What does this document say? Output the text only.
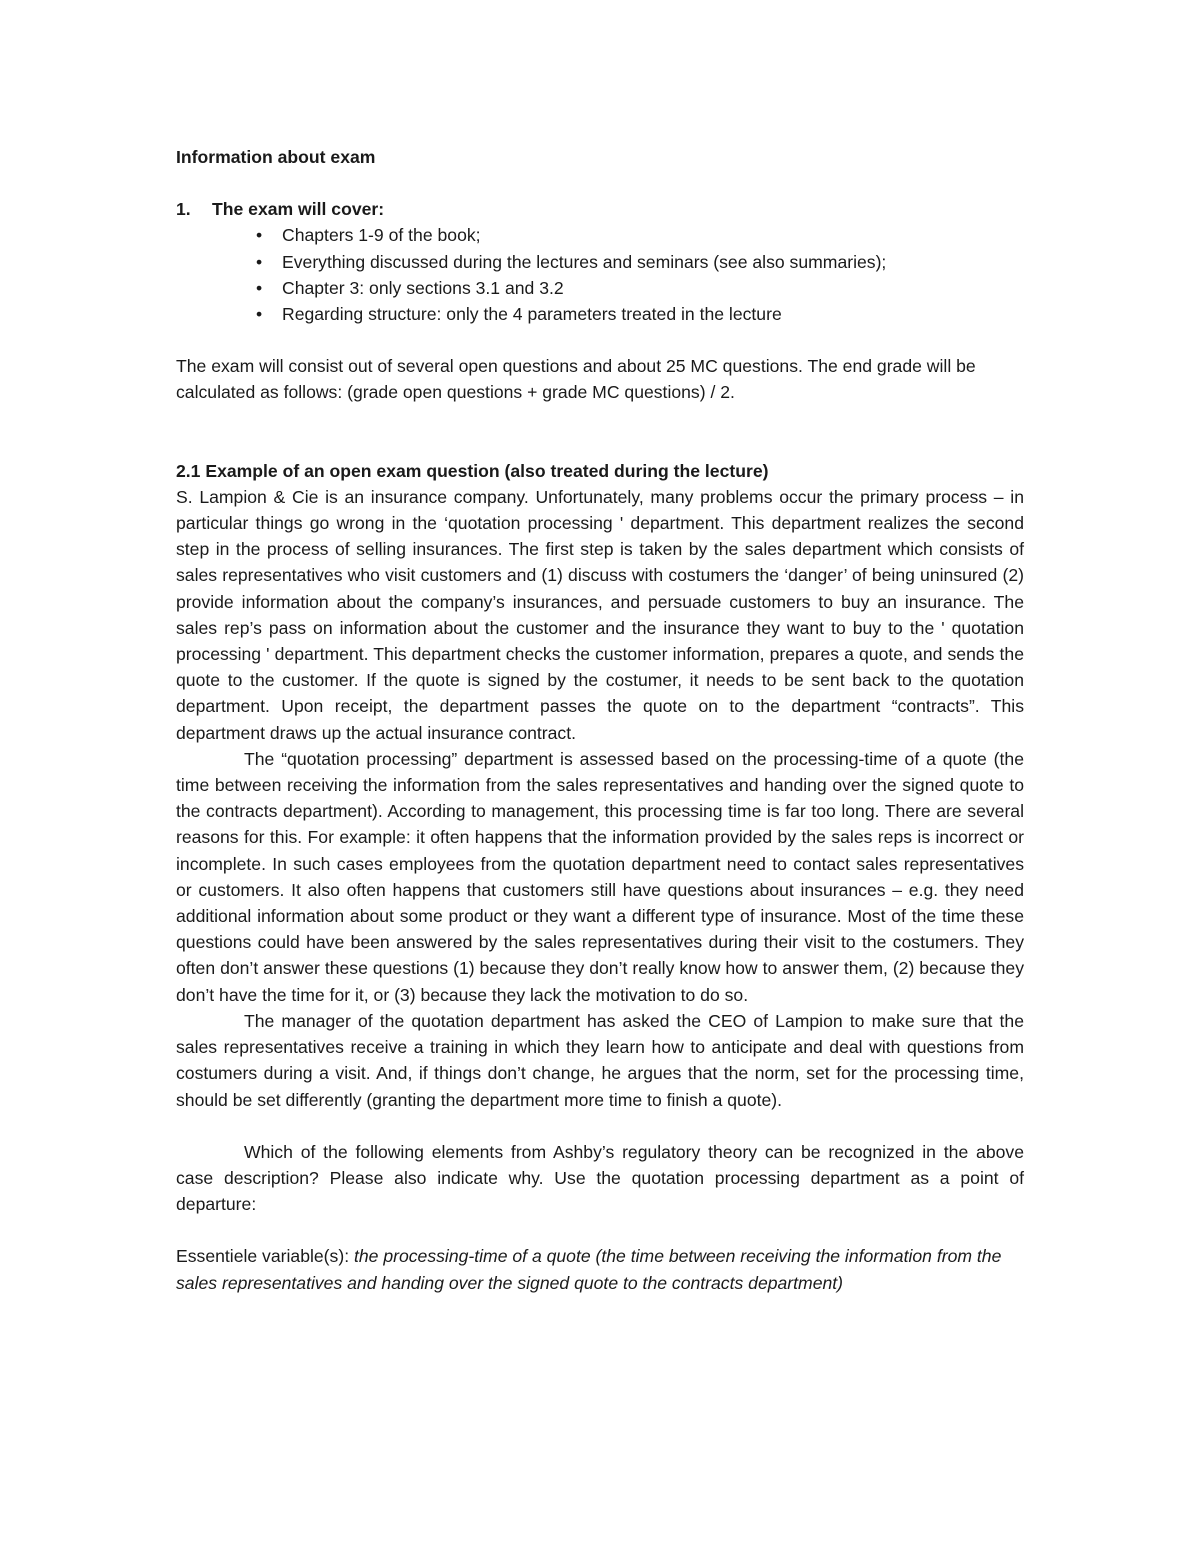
Information about exam

1.	The exam will cover:
•	Chapters 1-9 of the book;
•	Everything discussed during the lectures and seminars (see also summaries);
•	Chapter 3: only sections 3.1 and 3.2
•	Regarding structure: only the 4 parameters treated in the lecture

The exam will consist out of several open questions and about 25 MC questions. The end grade will be calculated as follows: (grade open questions + grade MC questions) / 2.

2.1 Example of an open exam question (also treated during the lecture)

S. Lampion & Cie is an insurance company. Unfortunately, many problems occur the primary process – in particular things go wrong in the ‘quotation processing ' department. This department realizes the second step in the process of selling insurances. The first step is taken by the sales department which consists of sales representatives who visit customers and (1) discuss with costumers the ‘danger’ of being uninsured (2) provide information about the company’s insurances, and persuade customers to buy an insurance. The sales rep’s pass on information about the customer and the insurance they want to buy to the ' quotation processing ' department. This department checks the customer information, prepares a quote, and sends the quote to the customer. If the quote is signed by the costumer, it needs to be sent back to the quotation department. Upon receipt, the department passes the quote on to the department “contracts”. This department draws up the actual insurance contract.

The “quotation processing” department is assessed based on the processing-time of a quote (the time between receiving the information from the sales representatives and handing over the signed quote to the contracts department). According to management, this processing time is far too long. There are several reasons for this. For example: it often happens that the information provided by the sales reps is incorrect or incomplete. In such cases employees from the quotation department need to contact sales representatives or customers. It also often happens that customers still have questions about insurances – e.g. they need additional information about some product or they want a different type of insurance. Most of the time these questions could have been answered by the sales representatives during their visit to the costumers. They often don’t answer these questions (1) because they don’t really know how to answer them, (2) because they don’t have the time for it, or (3) because they lack the motivation to do so.

The manager of the quotation department has asked the CEO of Lampion to make sure that the sales representatives receive a training in which they learn how to anticipate and deal with questions from costumers during a visit. And, if things don’t change, he argues that the norm, set for the processing time, should be set differently (granting the department more time to finish a quote).

Which of the following elements from Ashby’s regulatory theory can be recognized in the above case description? Please also indicate why. Use the quotation processing department as a point of departure:

Essentiele variable(s): the processing-time of a quote (the time between receiving the information from the sales representatives and handing over the signed quote to the contracts department)
